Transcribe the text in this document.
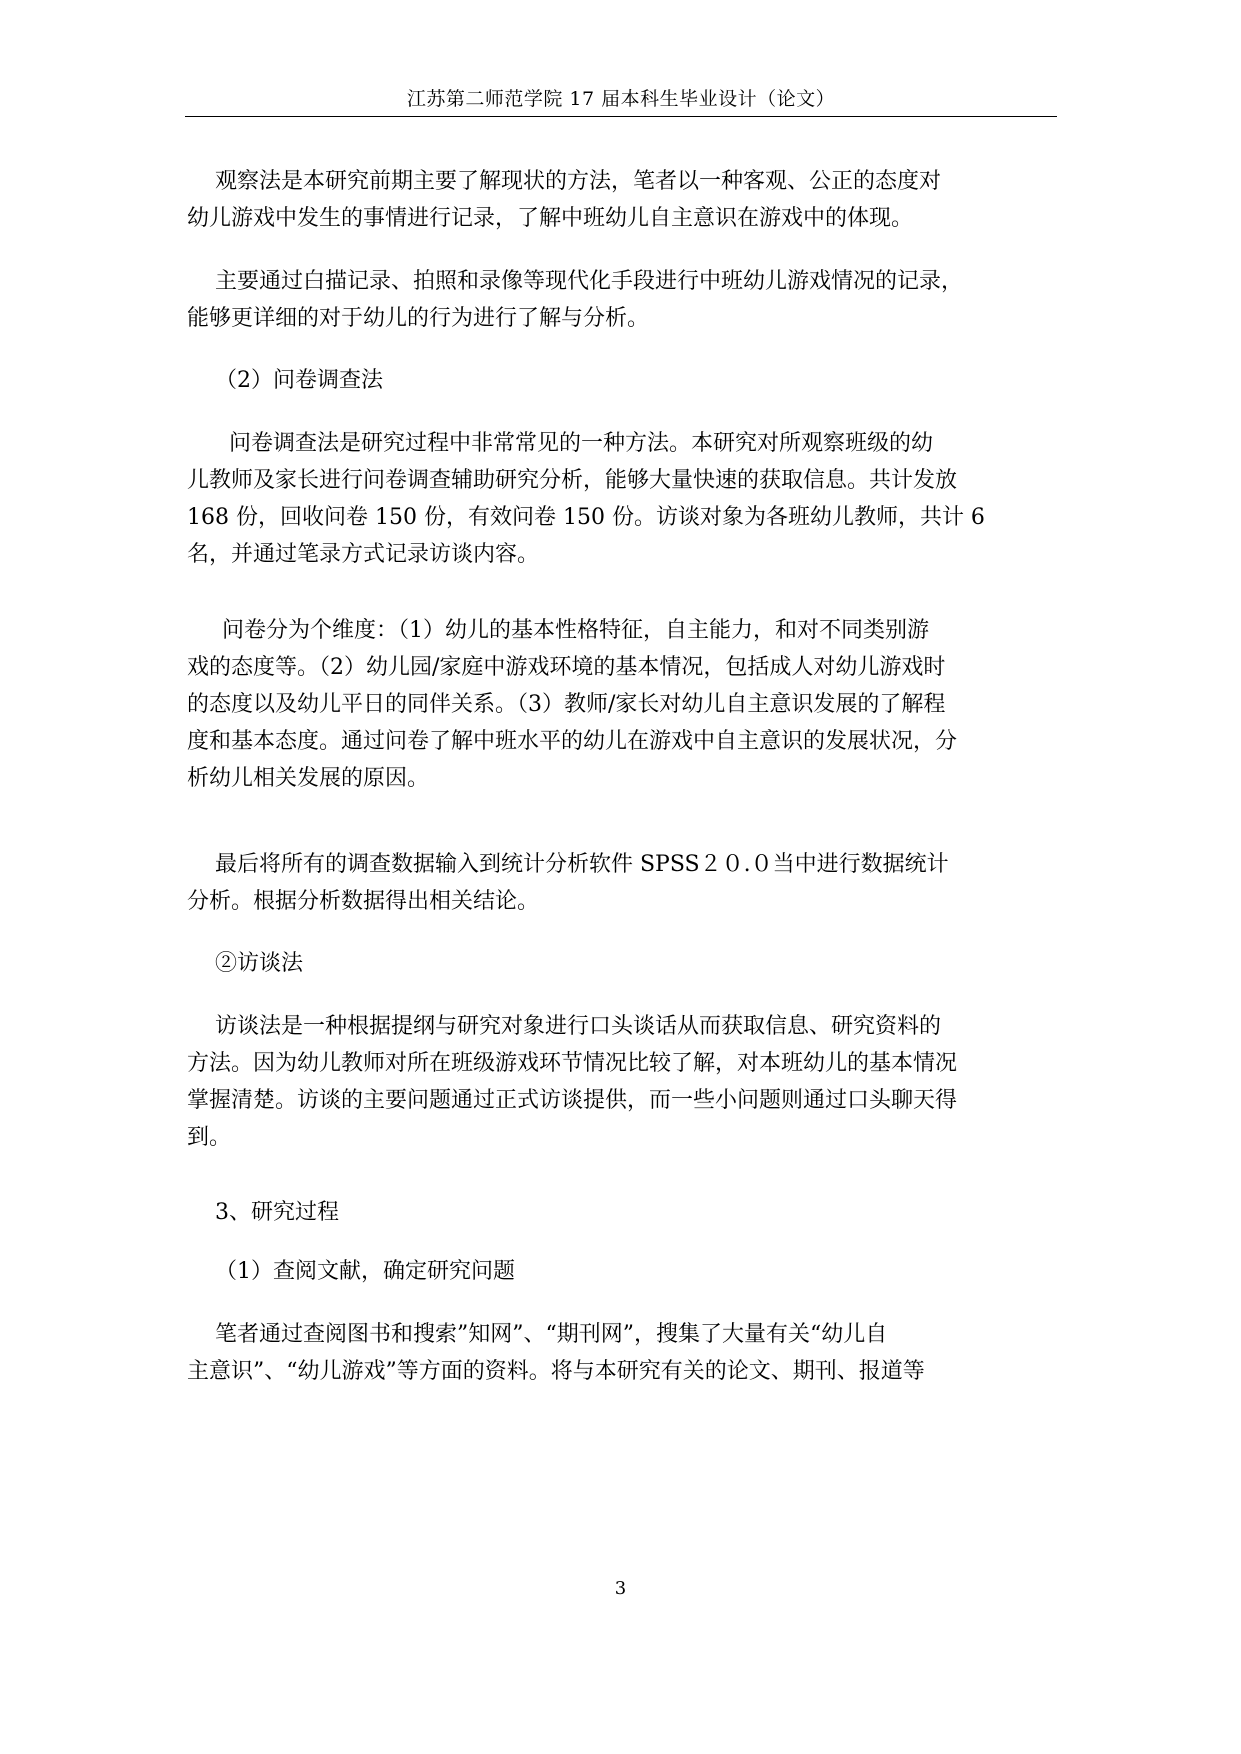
江苏第二师范学院 17 届本科生毕业设计（论文）
观察法是本研究前期主要了解现状的方法，笔者以一种客观、公正的态度对
幼儿游戏中发生的事情进行记录，了解中班幼儿自主意识在游戏中的体现。
主要通过白描记录、拍照和录像等现代化手段进行中班幼儿游戏情况的记录，
能够更详细的对于幼儿的行为进行了解与分析。
（2）问卷调查法
问卷调查法是研究过程中非常常见的一种方法。本研究对所观察班级的幼
儿教师及家长进行问卷调查辅助研究分析，能够大量快速的获取信息。共计发放
168 份，回收问卷 150 份，有效问卷 150 份。访谈对象为各班幼儿教师，共计 6
名，并通过笔录方式记录访谈内容。
问卷分为个维度：（1）幼儿的基本性格特征，自主能力，和对不同类别游
戏的态度等。（2）幼儿园/家庭中游戏环境的基本情况，包括成人对幼儿游戏时
的态度以及幼儿平日的同伴关系。（3）教师/家长对幼儿自主意识发展的了解程
度和基本态度。通过问卷了解中班水平的幼儿在游戏中自主意识的发展状况，分
析幼儿相关发展的原因。
最后将所有的调查数据输入到统计分析软件 SPSS２０.０当中进行数据统计
分析。根据分析数据得出相关结论。
②访谈法
访谈法是一种根据提纲与研究对象进行口头谈话从而获取信息、研究资料的
方法。因为幼儿教师对所在班级游戏环节情况比较了解，对本班幼儿的基本情况
掌握清楚。访谈的主要问题通过正式访谈提供，而一些小问题则通过口头聊天得
到。
3、研究过程
（1）查阅文献，确定研究问题
笔者通过查阅图书和搜索”知网”、“期刊网”，搜集了大量有关“幼儿自
主意识”、“幼儿游戏”等方面的资料。将与本研究有关的论文、期刊、报道等
3
